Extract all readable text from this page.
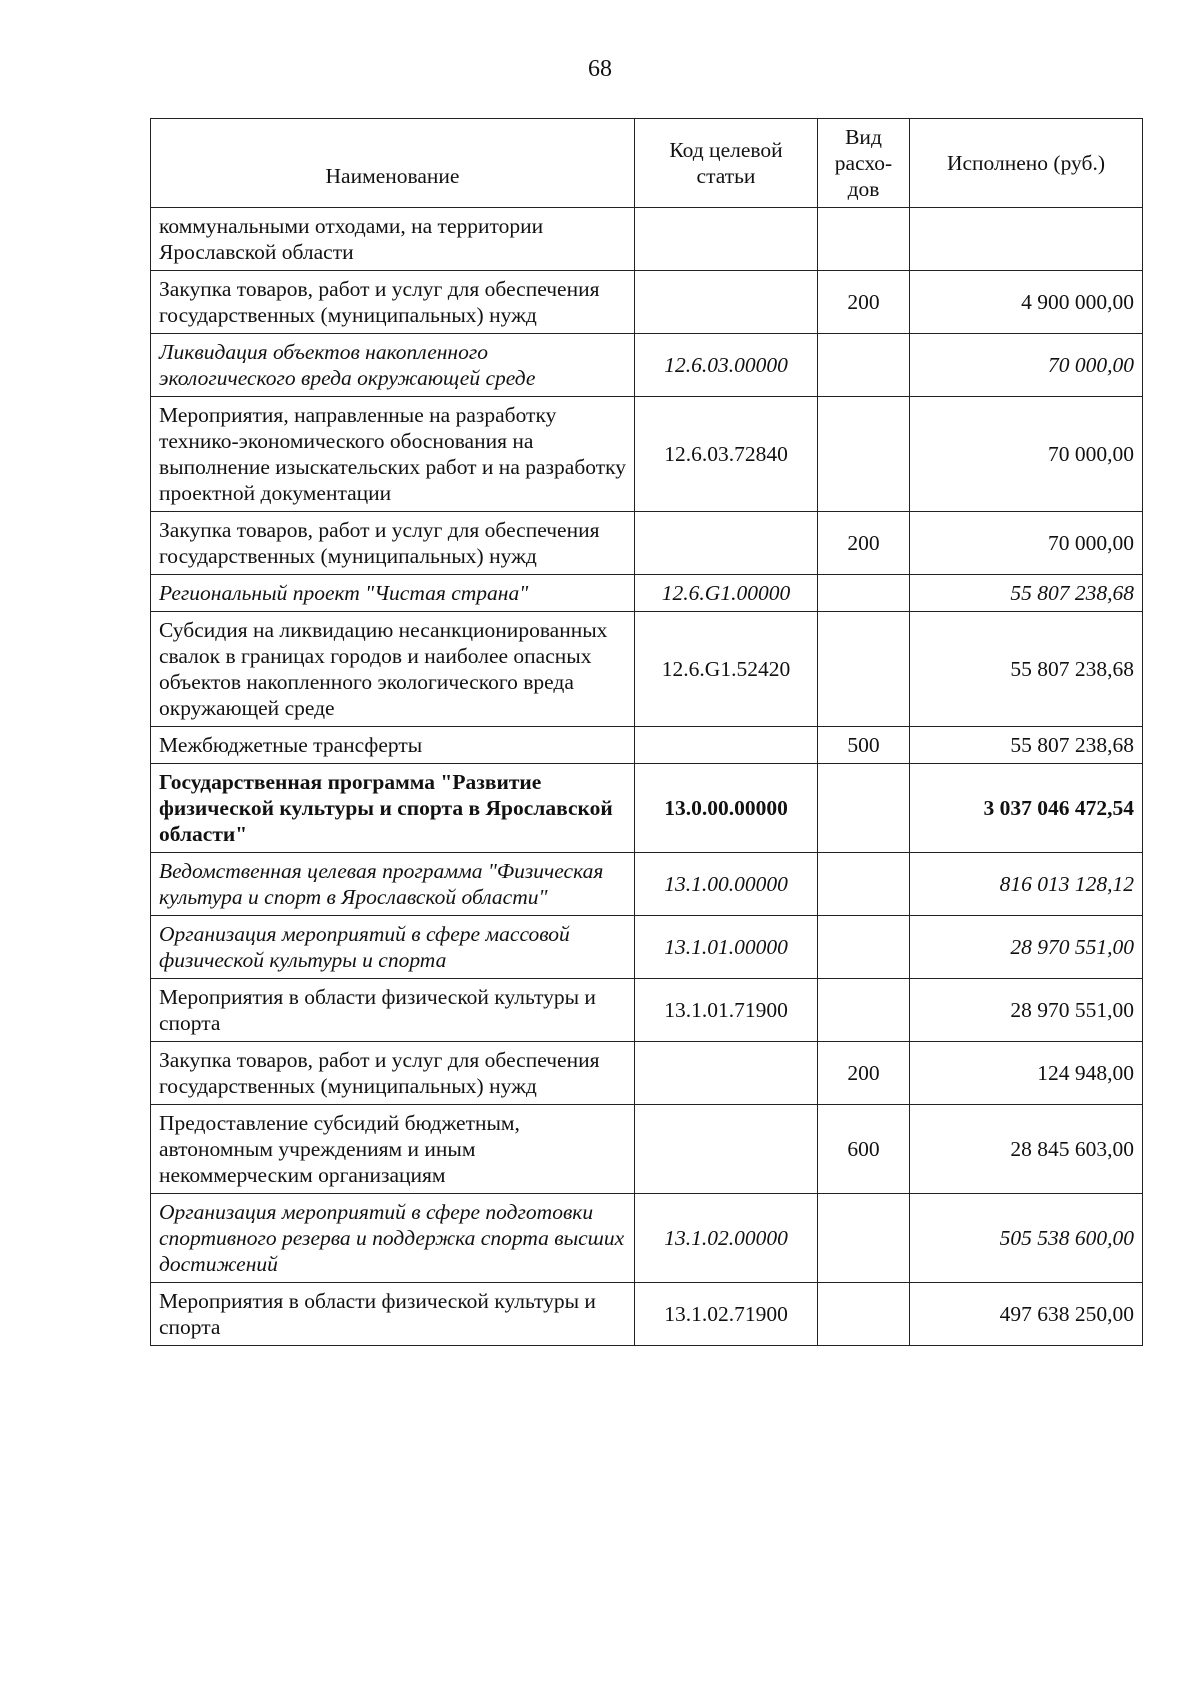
68
Наименование	Код целевой статьи	Вид расхо-дов	Исполнено (руб.)
коммунальными отходами, на территории Ярославской области			
Закупка товаров, работ и услуг для обеспечения государственных (муниципальных) нужд		200	4 900 000,00
Ликвидация объектов накопленного экологического вреда окружающей среде	12.6.03.00000		70 000,00
Мероприятия, направленные на разработку технико-экономического обоснования на выполнение изыскательских работ и на разработку проектной документации	12.6.03.72840		70 000,00
Закупка товаров, работ и услуг для обеспечения государственных (муниципальных) нужд		200	70 000,00
Региональный проект "Чистая страна"	12.6.G1.00000		55 807 238,68
Субсидия на ликвидацию несанкционированных свалок в границах городов и наиболее опасных объектов накопленного экологического вреда окружающей среде	12.6.G1.52420		55 807 238,68
Межбюджетные трансферты		500	55 807 238,68
Государственная программа "Развитие физической культуры и спорта в Ярославской области"	13.0.00.00000		3 037 046 472,54
Ведомственная целевая программа "Физическая культура и спорт в Ярославской области"	13.1.00.00000		816 013 128,12
Организация мероприятий в сфере массовой физической культуры и спорта	13.1.01.00000		28 970 551,00
Мероприятия в области физической культуры и спорта	13.1.01.71900		28 970 551,00
Закупка товаров, работ и услуг для обеспечения государственных (муниципальных) нужд		200	124 948,00
Предоставление субсидий бюджетным, автономным учреждениям и иным некоммерческим организациям		600	28 845 603,00
Организация мероприятий в сфере подготовки спортивного резерва и поддержка спорта высших достижений	13.1.02.00000		505 538 600,00
Мероприятия в области физической культуры и спорта	13.1.02.71900		497 638 250,00
